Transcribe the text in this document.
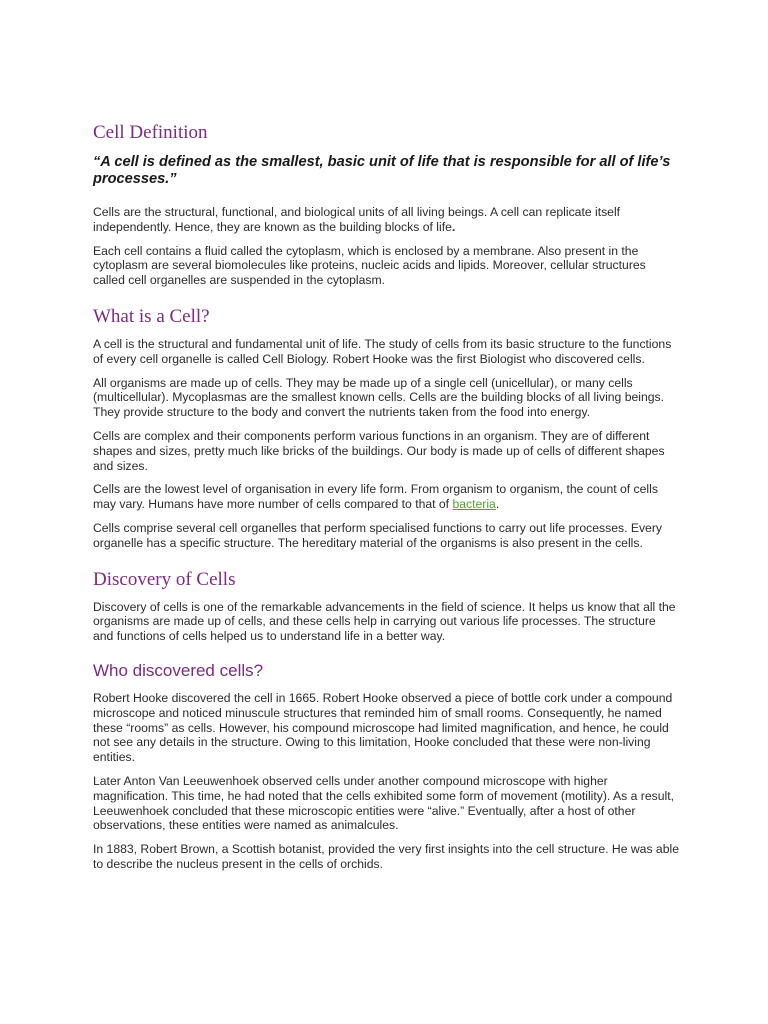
Cell Definition

“A cell is defined as the smallest, basic unit of life that is responsible for all of life’s processes.”

Cells are the structural, functional, and biological units of all living beings. A cell can replicate itself independently. Hence, they are known as the building blocks of life.

Each cell contains a fluid called the cytoplasm, which is enclosed by a membrane. Also present in the cytoplasm are several biomolecules like proteins, nucleic acids and lipids. Moreover, cellular structures called cell organelles are suspended in the cytoplasm.

What is a Cell?

A cell is the structural and fundamental unit of life. The study of cells from its basic structure to the functions of every cell organelle is called Cell Biology. Robert Hooke was the first Biologist who discovered cells.

All organisms are made up of cells. They may be made up of a single cell (unicellular), or many cells (multicellular). Mycoplasmas are the smallest known cells. Cells are the building blocks of all living beings. They provide structure to the body and convert the nutrients taken from the food into energy.

Cells are complex and their components perform various functions in an organism. They are of different shapes and sizes, pretty much like bricks of the buildings. Our body is made up of cells of different shapes and sizes.

Cells are the lowest level of organisation in every life form. From organism to organism, the count of cells may vary. Humans have more number of cells compared to that of bacteria.

Cells comprise several cell organelles that perform specialised functions to carry out life processes. Every organelle has a specific structure. The hereditary material of the organisms is also present in the cells.

Discovery of Cells

Discovery of cells is one of the remarkable advancements in the field of science. It helps us know that all the organisms are made up of cells, and these cells help in carrying out various life processes. The structure and functions of cells helped us to understand life in a better way.

Who discovered cells?

Robert Hooke discovered the cell in 1665. Robert Hooke observed a piece of bottle cork under a compound microscope and noticed minuscule structures that reminded him of small rooms. Consequently, he named these “rooms” as cells. However, his compound microscope had limited magnification, and hence, he could not see any details in the structure. Owing to this limitation, Hooke concluded that these were non-living entities.

Later Anton Van Leeuwenhoek observed cells under another compound microscope with higher magnification. This time, he had noted that the cells exhibited some form of movement (motility). As a result, Leeuwenhoek concluded that these microscopic entities were “alive.” Eventually, after a host of other observations, these entities were named as animalcules.

In 1883, Robert Brown, a Scottish botanist, provided the very first insights into the cell structure. He was able to describe the nucleus present in the cells of orchids.
